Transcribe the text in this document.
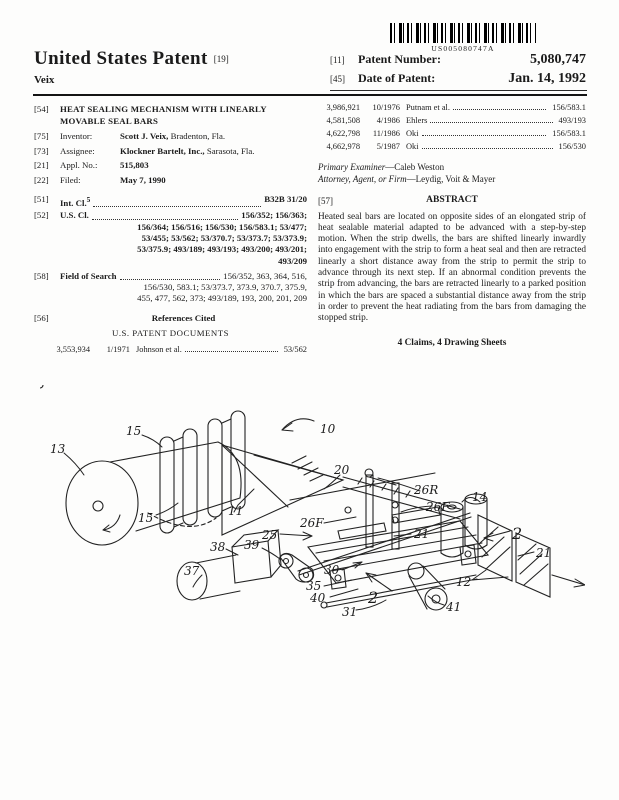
US005080747A
United States Patent [19]
Veix
[11]	Patent Number:	5,080,747
[45]	Date of Patent:	Jan. 14, 1992
[54]	HEAT SEALING MECHANISM WITH LINEARLY MOVABLE SEAL BARS
[75]	Inventor:	Scott J. Veix, Bradenton, Fla.
[73]	Assignee:	Klockner Bartelt, Inc., Sarasota, Fla.
[21]	Appl. No.:	515,803
[22]	Filed:	May 7, 1990
[51]	Int. Cl.$^5$	B32B 31/20
[52]	U.S. Cl.	156/352; 156/363;
156/364; 156/516; 156/530; 156/583.1; 53/477;
53/455; 53/562; 53/370.7; 53/373.7; 53/373.9;
53/375.9; 493/189; 493/193; 493/200; 493/201;
493/209
[58]	Field of Search	156/352, 363, 364, 516,
156/530, 583.1; 53/373.7, 373.9, 370.7, 375.9,
455, 477, 562, 373; 493/189, 193, 200, 201, 209
[56]	References Cited
U.S. PATENT DOCUMENTS
3,553,934	1/1971 Johnson et al.	53/562
3,986,921	10/1976 Putnam et al.	156/583.1
4,581,508	4/1986 Ehlers	493/193
4,622,798	11/1986 Oki	156/583.1
4,662,978	5/1987 Oki	156/530
Primary Examiner—Caleb Weston
Attorney, Agent, or Firm—Leydig, Voit & Mayer
[57]	ABSTRACT
Heated seal bars are located on opposite sides of an elongated strip of heat sealable material adapted to be advanced with a step-by-step motion. When the strip dwells, the bars are shifted linearly inwardly into engagement with the strip to form a heat seal and then are retracted linearly a short distance away from the strip to permit the strip to advance through its next step. If an abnormal condition prevents the strip from advancing, the bars are retracted linearly to a parked position in which the bars are spaced a substantial distance away from the strip in order to prevent the heat radiating from the bars from damaging the stopped strip.
4 Claims, 4 Drawing Sheets
13
15
15	11
10
20
26R
26F
26F
25	21
21
14
2
2
12
41
31
40
35
30
37
38 39
